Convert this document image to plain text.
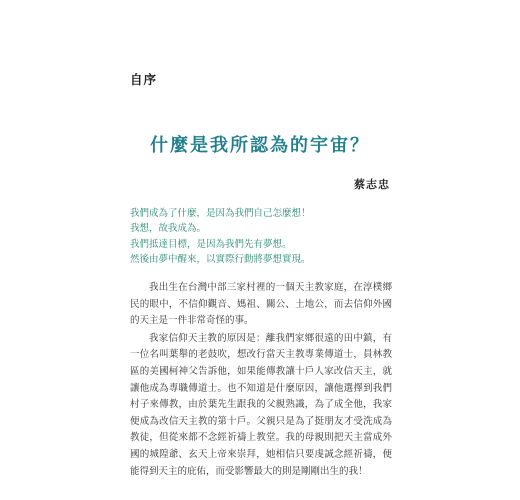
自序
什麼是我所認為的宇宙？
蔡志忠
我們成為了什麼，是因為我們自己怎麼想！
我想，故我成為。
我們抵達目標，是因為我們先有夢想。
然後由夢中醒來，以實際行動將夢想實現。

我出生在台灣中部三家村裡的一個天主教家庭，在淳樸鄉民的眼中，不信仰觀音、媽祖、關公、土地公，而去信仰外國的天主是一件非常奇怪的事。

我家信仰天主教的原因是：離我們家鄉很遠的田中鎮，有一位名叫葉舉的老鼓吹，想改行當天主教專業傳道士，員林教區的美國柯神父告訴他，如果能傳教讓十戶人家改信天主，就讓他成為專職傳道士。也不知道是什麼原因，讓他選擇到我們村子來傳教，由於葉先生跟我的父親熟識，為了成全他，我家便成為改信天主教的第十戶。父親只是為了挺朋友才受洗成為教徒，但從來都不念經祈禱上教堂。我的母親則把天主當成外國的城隍爺、玄天上帝來崇拜，她相信只要虔誠念經祈禱，便能得到天主的庇佑，而受影響最大的則是剛剛出生的我！
